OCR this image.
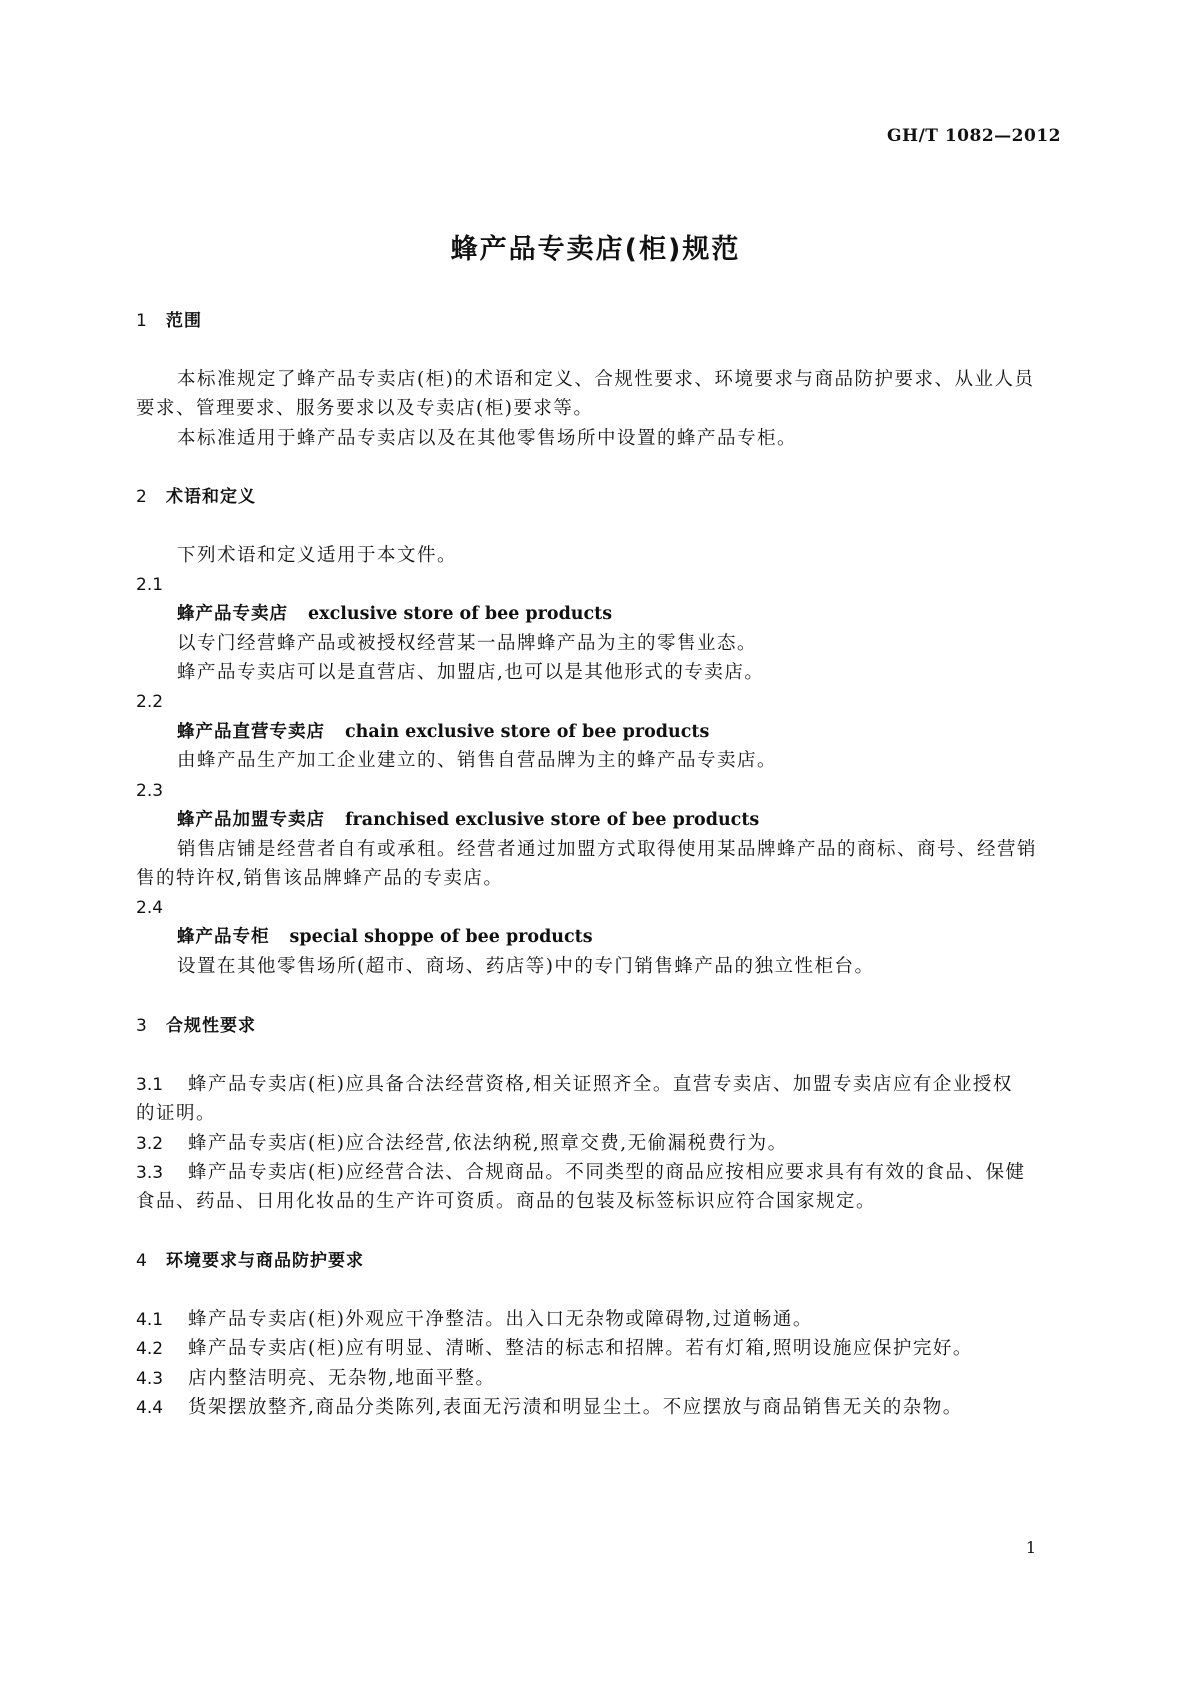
GH/T 1082—2012
蜂产品专卖店(柜)规范
1 范围
本标准规定了蜂产品专卖店(柜)的术语和定义、合规性要求、环境要求与商品防护要求、从业人员
要求、管理要求、服务要求以及专卖店(柜)要求等。
本标准适用于蜂产品专卖店以及在其他零售场所中设置的蜂产品专柜。
2 术语和定义
下列术语和定义适用于本文件。
2.1
蜂产品专卖店 exclusive store of bee products
以专门经营蜂产品或被授权经营某一品牌蜂产品为主的零售业态。
蜂产品专卖店可以是直营店、加盟店,也可以是其他形式的专卖店。
2.2
蜂产品直营专卖店 chain exclusive store of bee products
由蜂产品生产加工企业建立的、销售自营品牌为主的蜂产品专卖店。
2.3
蜂产品加盟专卖店 franchised exclusive store of bee products
销售店铺是经营者自有或承租。经营者通过加盟方式取得使用某品牌蜂产品的商标、商号、经营销
售的特许权,销售该品牌蜂产品的专卖店。
2.4
蜂产品专柜 special shoppe of bee products
设置在其他零售场所(超市、商场、药店等)中的专门销售蜂产品的独立性柜台。
3 合规性要求
3.1 蜂产品专卖店(柜)应具备合法经营资格,相关证照齐全。直营专卖店、加盟专卖店应有企业授权
的证明。
3.2 蜂产品专卖店(柜)应合法经营,依法纳税,照章交费,无偷漏税费行为。
3.3 蜂产品专卖店(柜)应经营合法、合规商品。不同类型的商品应按相应要求具有有效的食品、保健
食品、药品、日用化妆品的生产许可资质。商品的包装及标签标识应符合国家规定。
4 环境要求与商品防护要求
4.1 蜂产品专卖店(柜)外观应干净整洁。出入口无杂物或障碍物,过道畅通。
4.2 蜂产品专卖店(柜)应有明显、清晰、整洁的标志和招牌。若有灯箱,照明设施应保护完好。
4.3 店内整洁明亮、无杂物,地面平整。
4.4 货架摆放整齐,商品分类陈列,表面无污渍和明显尘土。不应摆放与商品销售无关的杂物。
1
